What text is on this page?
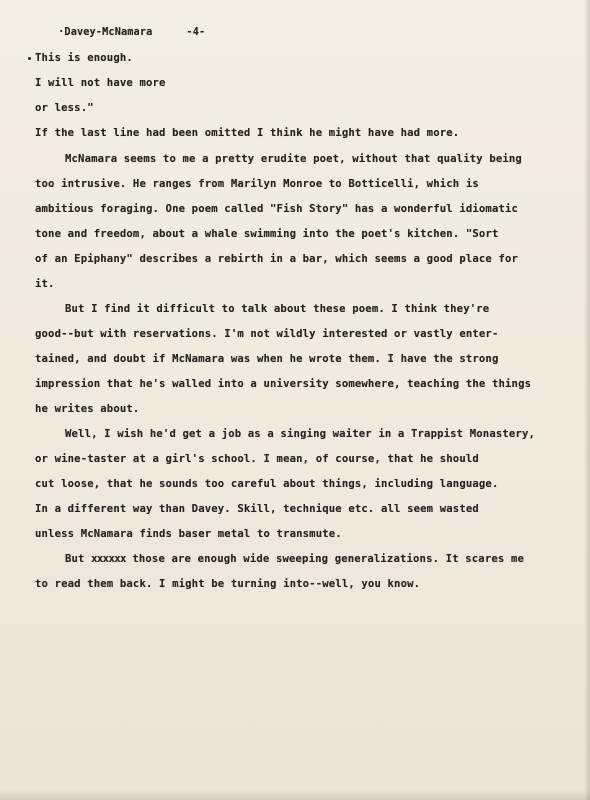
·Davey-McNamara	-4-

This is enough.

I will not have more

or less."

If the last line had been omitted I think he might have had more.

McNamara seems to me a pretty erudite poet, without that quality being

too intrusive. He ranges from Marilyn Monroe to Botticelli, which is

ambitious foraging. One poem called "Fish Story" has a wonderful idiomatic

tone and freedom, about a whale swimming into the poet's kitchen. "Sort

of an Epiphany" describes a rebirth in a bar, which seems a good place for

it.

But I find it difficult to talk about these poem. I think they're

good--but with reservations. I'm not wildly interested or vastly enter-

tained, and doubt if McNamara was when he wrote them. I have the strong

impression that he's walled into a university somewhere, teaching the things

he writes about.

Well, I wish he'd get a job as a singing waiter in a Trappist Monastery,

or wine-taster at a girl's school. I mean, of course, that he should

cut loose, that he sounds too careful about things, including language.

In a different way than Davey. Skill, technique etc. all seem wasted

unless McNamara finds baser metal to transmute.

But xxxxxx those are enough wide sweeping generalizations. It scares me

to read them back. I might be turning into--well, you know.
